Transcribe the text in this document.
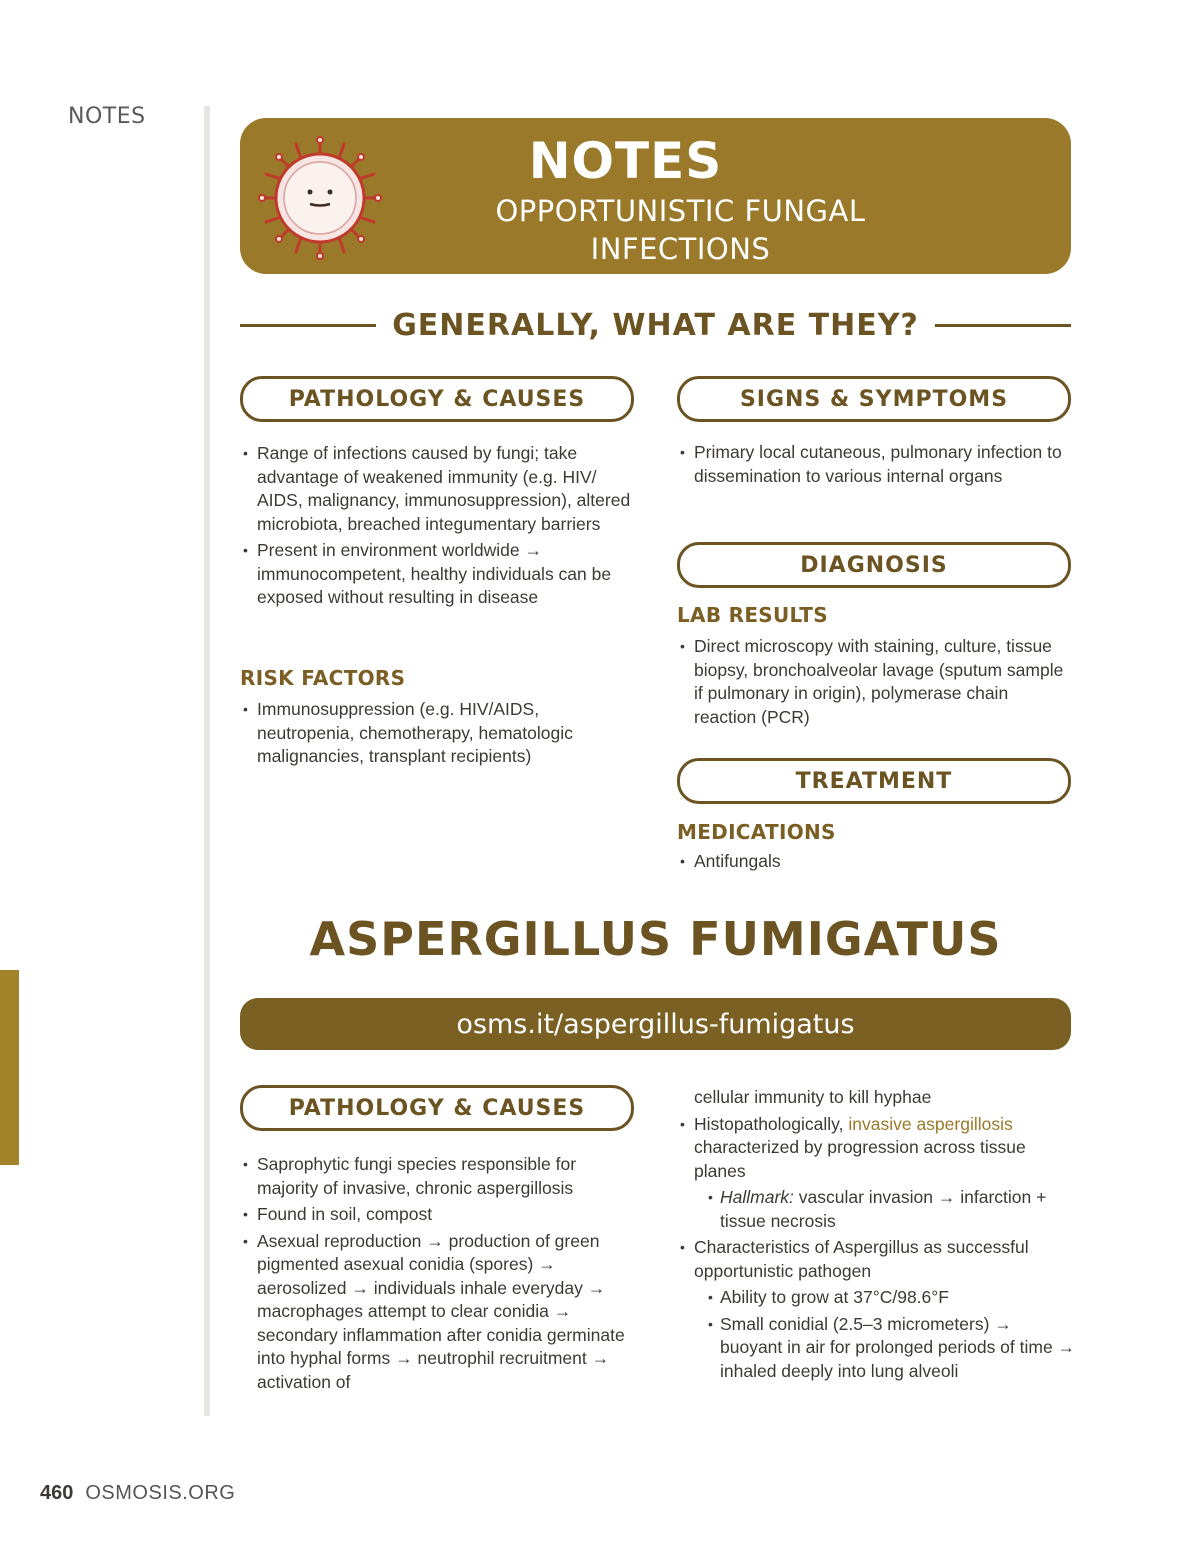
NOTES
NOTES
OPPORTUNISTIC FUNGAL
INFECTIONS
GENERALLY, WHAT ARE THEY?
PATHOLOGY & CAUSES
• Range of infections caused by fungi; take advantage of weakened immunity (e.g. HIV/ AIDS, malignancy, immunosuppression), altered microbiota, breached integumentary barriers
• Present in environment worldwide → immunocompetent, healthy individuals can be exposed without resulting in disease
RISK FACTORS
• Immunosuppression (e.g. HIV/AIDS, neutropenia, chemotherapy, hematologic malignancies, transplant recipients)
SIGNS & SYMPTOMS
• Primary local cutaneous, pulmonary infection to dissemination to various internal organs
DIAGNOSIS
LAB RESULTS
• Direct microscopy with staining, culture, tissue biopsy, bronchoalveolar lavage (sputum sample if pulmonary in origin), polymerase chain reaction (PCR)
TREATMENT
MEDICATIONS
• Antifungals
ASPERGILLUS FUMIGATUS
osms.it/aspergillus-fumigatus
PATHOLOGY & CAUSES
• Saprophytic fungi species responsible for majority of invasive, chronic aspergillosis
• Found in soil, compost
• Asexual reproduction → production of green pigmented asexual conidia (spores) → aerosolized → individuals inhale everyday → macrophages attempt to clear conidia → secondary inflammation after conidia germinate into hyphal forms → neutrophil recruitment → activation of
cellular immunity to kill hyphae
• Histopathologically, invasive aspergillosis characterized by progression across tissue planes
• Hallmark: vascular invasion → infarction + tissue necrosis
• Characteristics of Aspergillus as successful opportunistic pathogen
• Ability to grow at 37°C/98.6°F
• Small conidial (2.5–3 micrometers) → buoyant in air for prolonged periods of time → inhaled deeply into lung alveoli
460 OSMOSIS.ORG
